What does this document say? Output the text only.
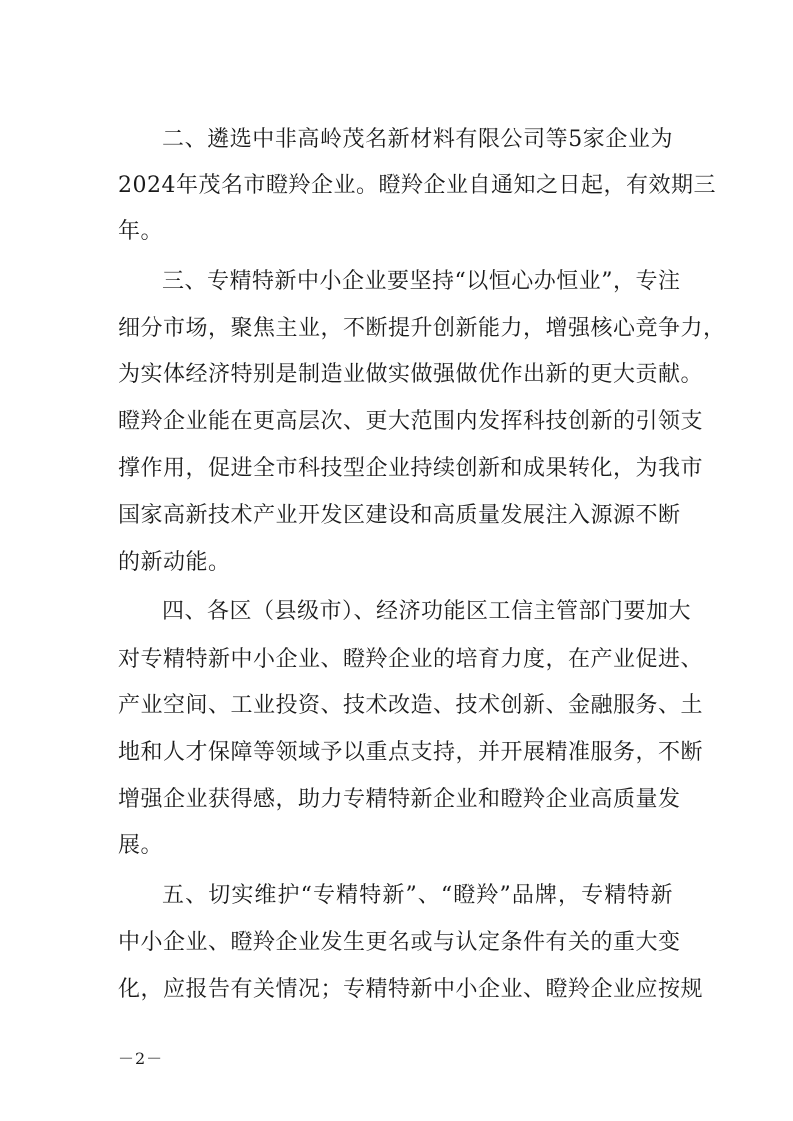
二、遴选中非高岭茂名新材料有限公司等5家企业为
2024年茂名市瞪羚企业。瞪羚企业自通知之日起，有效期三
年。
三、专精特新中小企业要坚持“以恒心办恒业”，专注
细分市场，聚焦主业，不断提升创新能力，增强核心竞争力，
为实体经济特别是制造业做实做强做优作出新的更大贡献。
瞪羚企业能在更高层次、更大范围内发挥科技创新的引领支
撑作用，促进全市科技型企业持续创新和成果转化，为我市
国家高新技术产业开发区建设和高质量发展注入源源不断
的新动能。
四、各区（县级市）、经济功能区工信主管部门要加大
对专精特新中小企业、瞪羚企业的培育力度，在产业促进、
产业空间、工业投资、技术改造、技术创新、金融服务、土
地和人才保障等领域予以重点支持，并开展精准服务，不断
增强企业获得感，助力专精特新企业和瞪羚企业高质量发
展。
五、切实维护“专精特新”、“瞪羚”品牌，专精特新
中小企业、瞪羚企业发生更名或与认定条件有关的重大变
化，应报告有关情况；专精特新中小企业、瞪羚企业应按规
－2－
